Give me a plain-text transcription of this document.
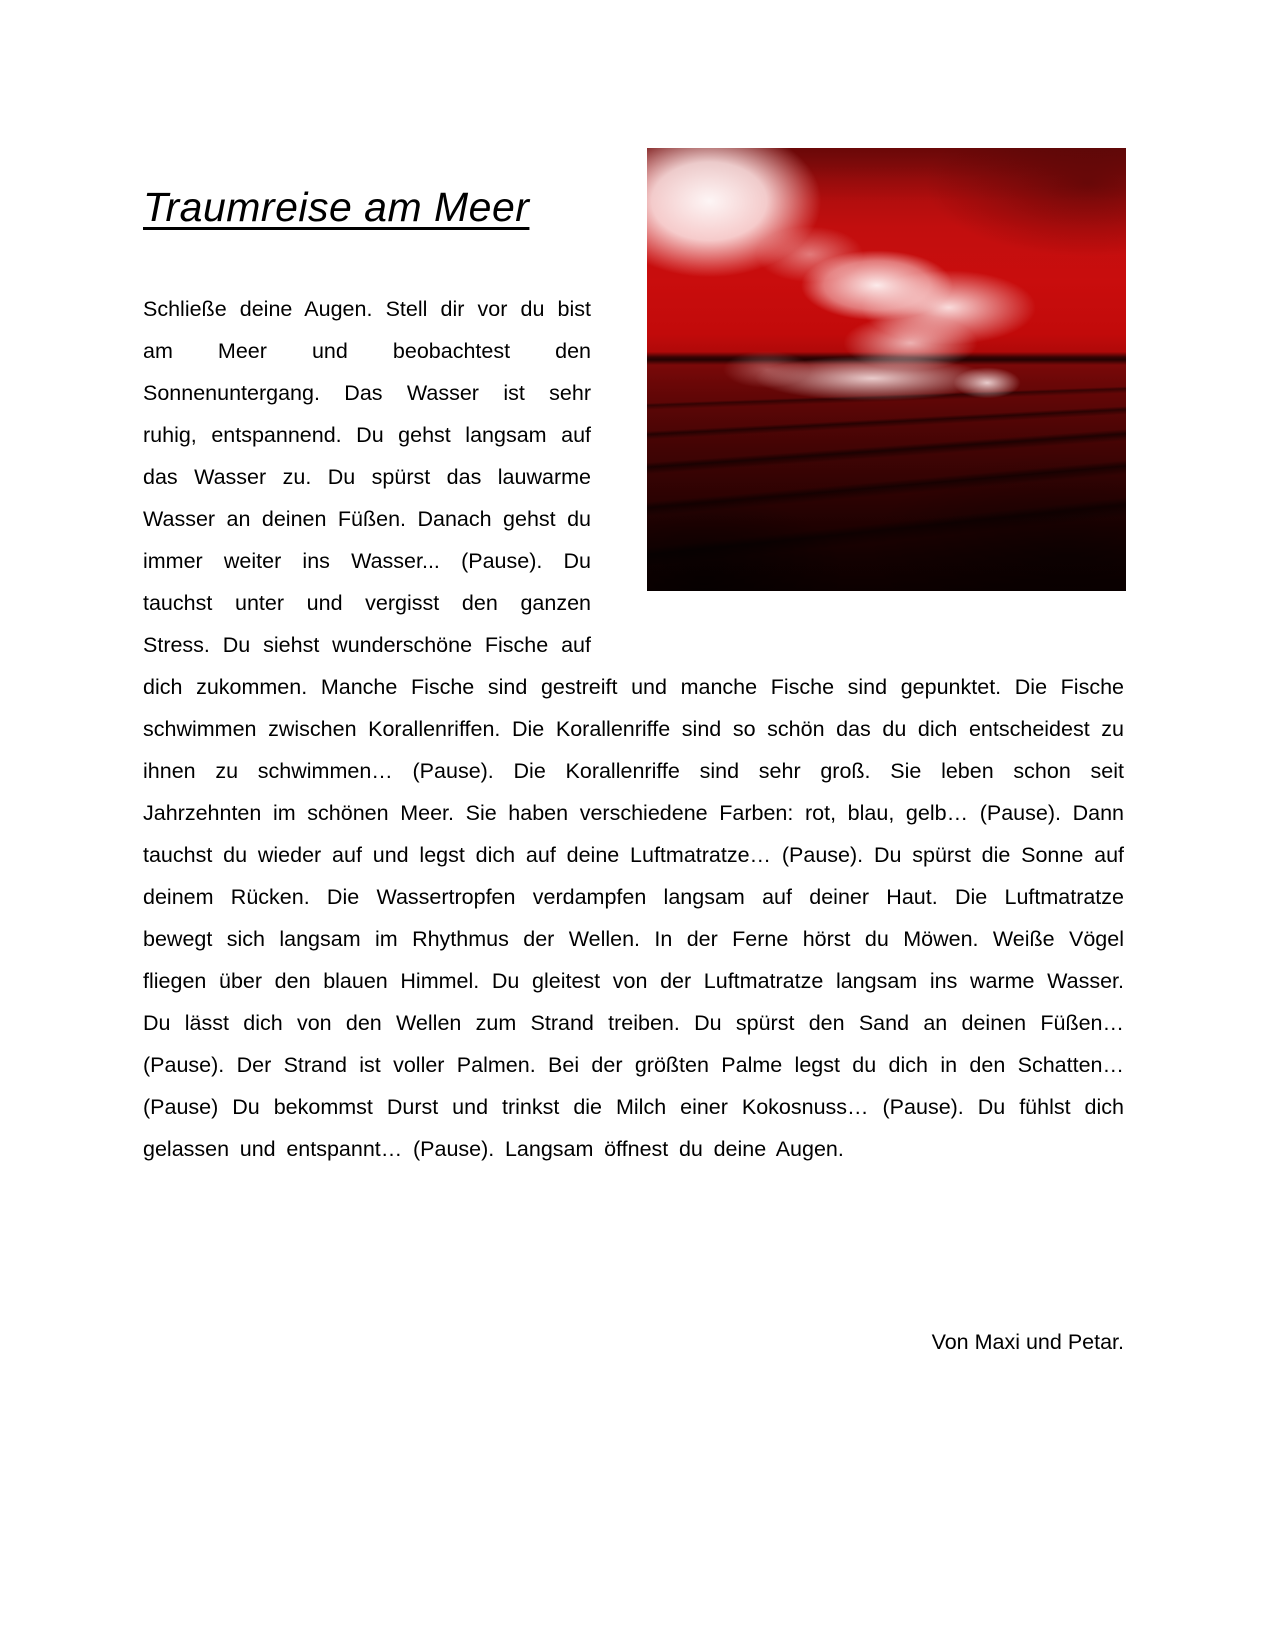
Traumreise am Meer

Schließe deine Augen. Stell dir vor du bist am Meer und beobachtest den Sonnenuntergang. Das Wasser ist sehr ruhig, entspannend. Du gehst langsam auf das Wasser zu. Du spürst das lauwarme Wasser an deinen Füßen. Danach gehst du immer weiter ins Wasser... (Pause). Du tauchst unter und vergisst den ganzen Stress. Du siehst wunderschöne Fische auf dich zukommen. Manche Fische sind gestreift und manche Fische sind gepunktet. Die Fische schwimmen zwischen Korallenriffen. Die Korallenriffe sind so schön das du dich entscheidest zu ihnen zu schwimmen… (Pause). Die Korallenriffe sind sehr groß. Sie leben schon seit Jahrzehnten im schönen Meer. Sie haben verschiedene Farben: rot, blau, gelb… (Pause). Dann tauchst du wieder auf und legst dich auf deine Luftmatratze… (Pause). Du spürst die Sonne auf deinem Rücken. Die Wassertropfen verdampfen langsam auf deiner Haut. Die Luftmatratze bewegt sich langsam im Rhythmus der Wellen. In der Ferne hörst du Möwen. Weiße Vögel fliegen über den blauen Himmel. Du gleitest von der Luftmatratze langsam ins warme Wasser. Du lässt dich von den Wellen zum Strand treiben. Du spürst den Sand an deinen Füßen… (Pause). Der Strand ist voller Palmen. Bei der größten Palme legst du dich in den Schatten… (Pause) Du bekommst Durst und trinkst die Milch einer Kokosnuss… (Pause). Du fühlst dich gelassen und entspannt… (Pause). Langsam öffnest du deine Augen.

Von Maxi und Petar.
